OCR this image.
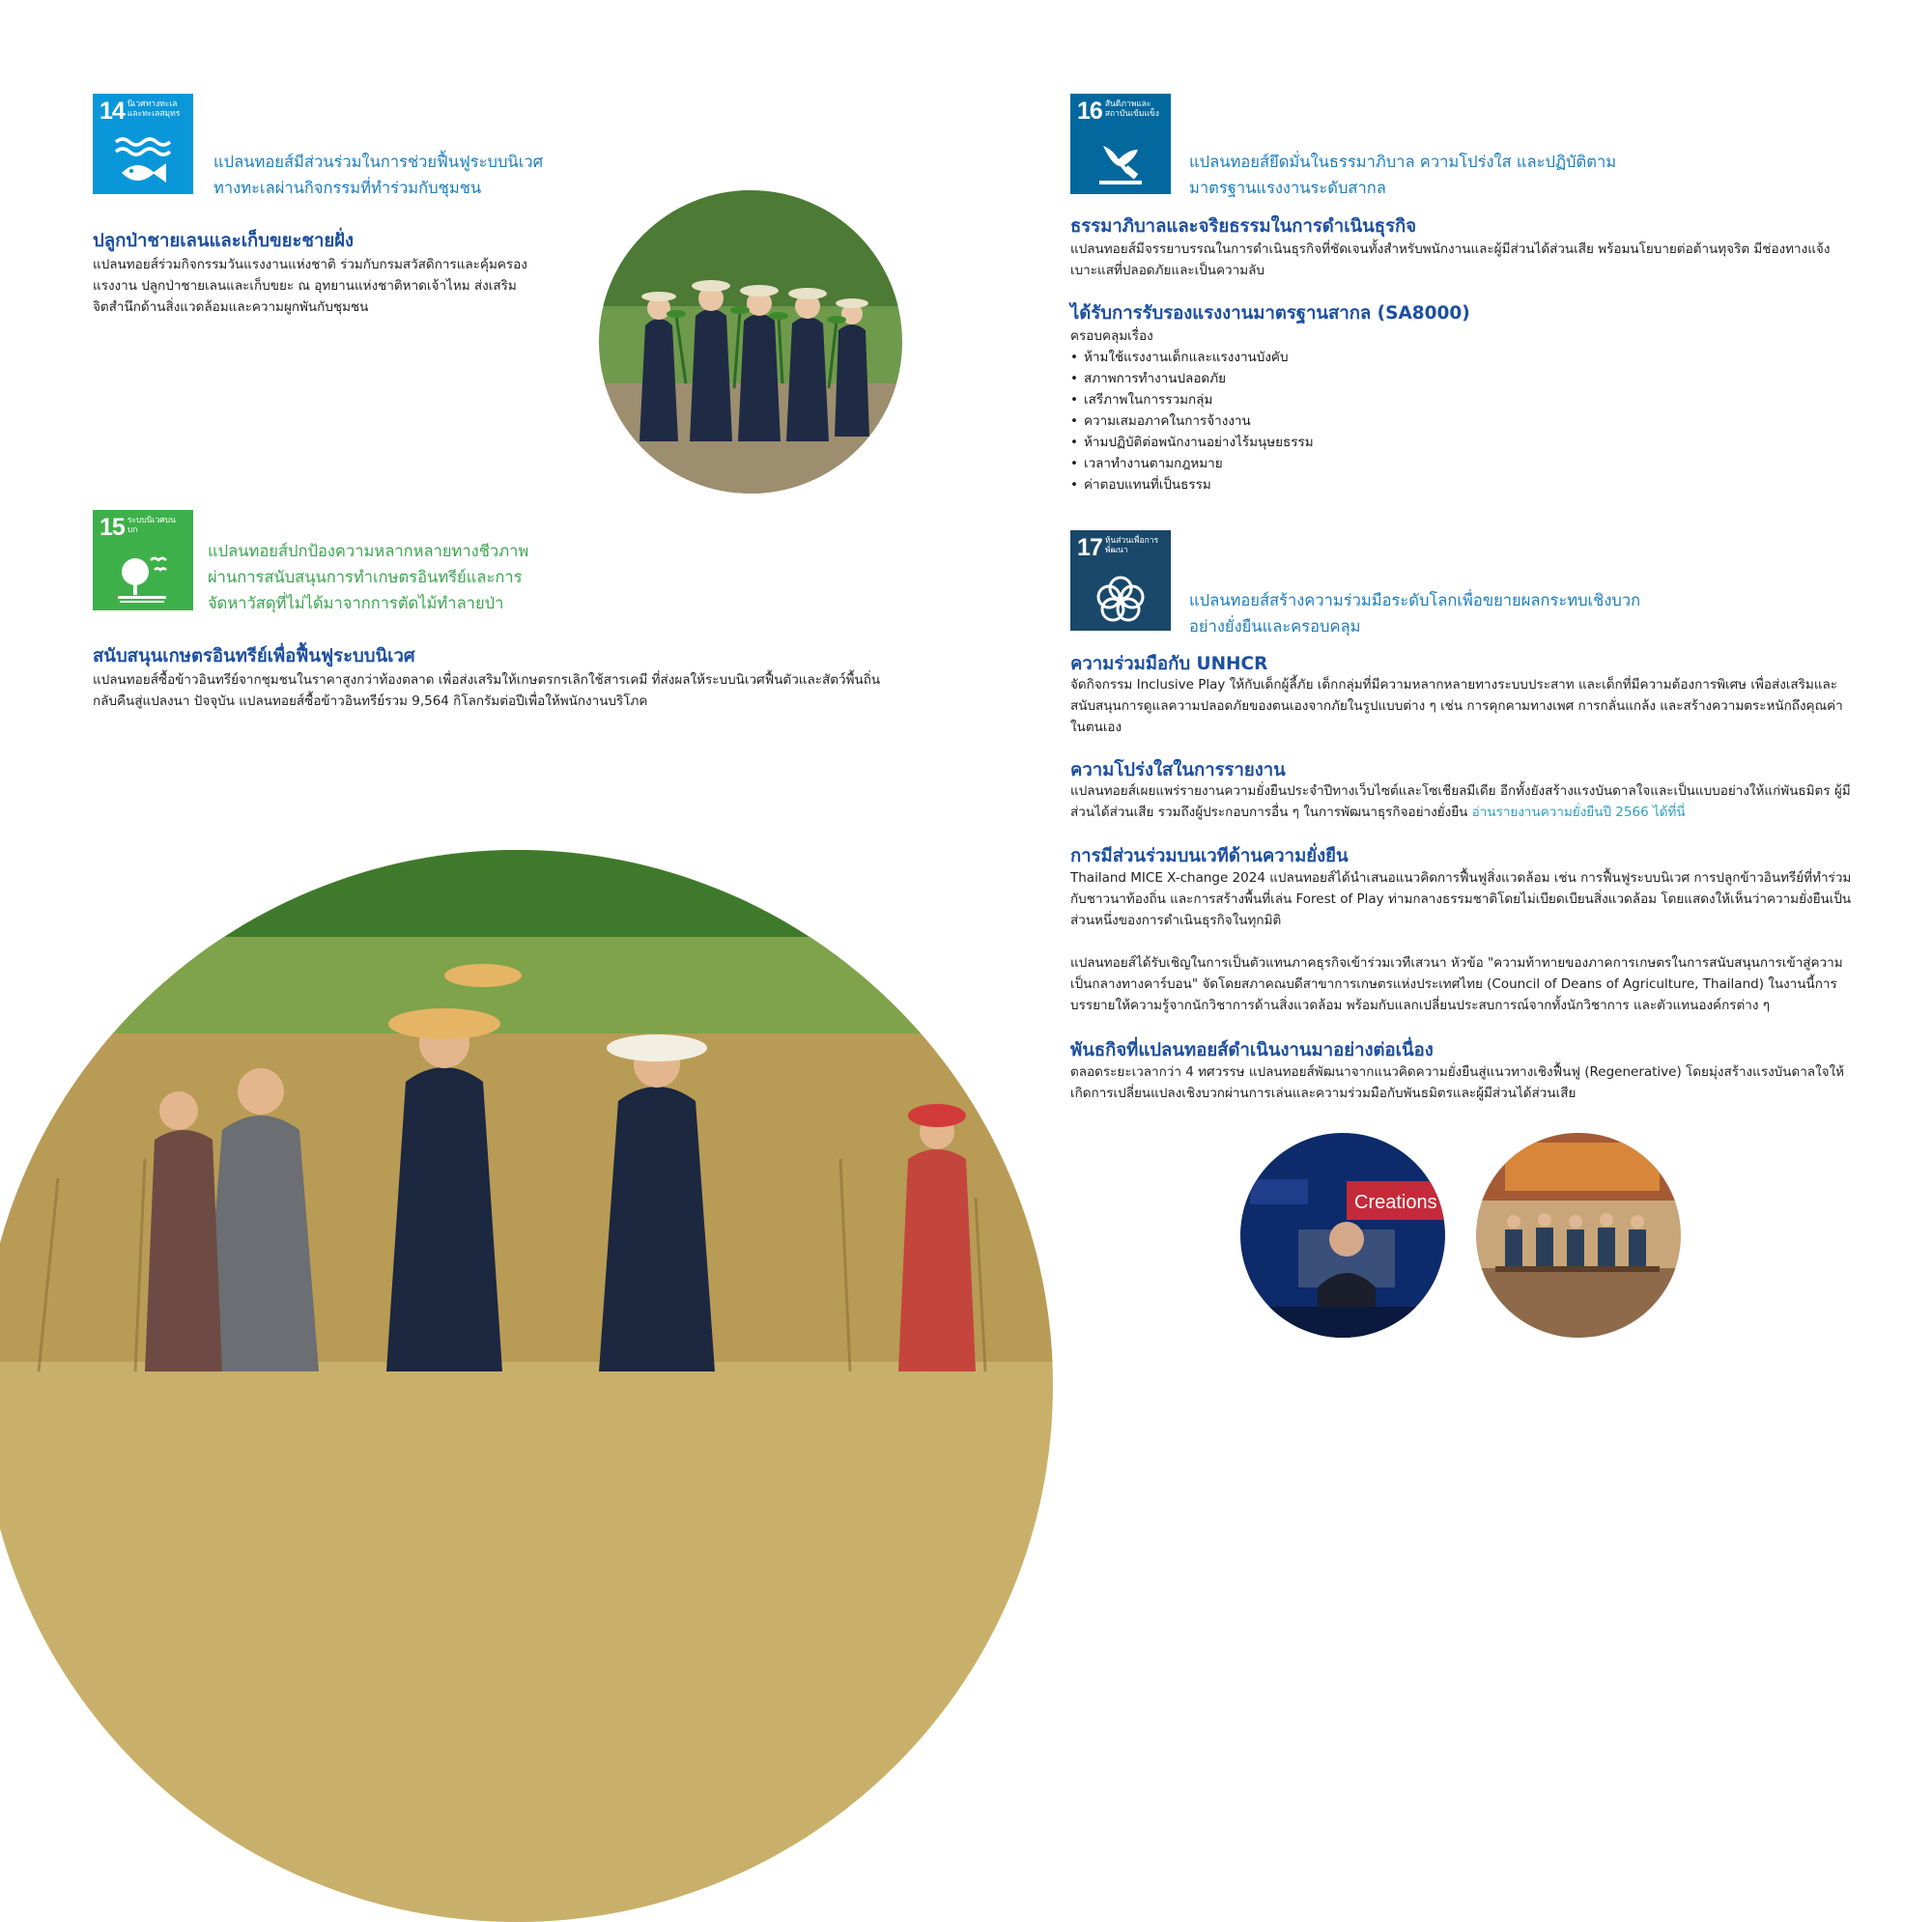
14 นิเวศทางทะเลและทะเลสมุทร
แปลนทอยส์มีส่วนร่วมในการช่วยฟื้นฟูระบบนิเวศ
ทางทะเลผ่านกิจกรรมที่ทำร่วมกับชุมชน
ปลูกป่าชายเลนและเก็บขยะชายฝั่ง
แปลนทอยส์ร่วมกิจกรรมวันแรงงานแห่งชาติ ร่วมกับกรมสวัสดิการและคุ้มครองแรงงาน ปลูกป่าชายเลนและเก็บขยะ ณ อุทยานแห่งชาติหาดเจ้าไหม ส่งเสริมจิตสำนึกด้านสิ่งแวดล้อมและความผูกพันกับชุมชน
15 ระบบนิเวศบนบก
แปลนทอยส์ปกป้องความหลากหลายทางชีวภาพ
ผ่านการสนับสนุนการทำเกษตรอินทรีย์และการ
จัดหาวัสดุที่ไม่ได้มาจากการตัดไม้ทำลายป่า
สนับสนุนเกษตรอินทรีย์เพื่อฟื้นฟูระบบนิเวศ
แปลนทอยส์ซื้อข้าวอินทรีย์จากชุมชนในราคาสูงกว่าท้องตลาด เพื่อส่งเสริมให้เกษตรกรเลิกใช้สารเคมี ที่ส่งผลให้ระบบนิเวศฟื้นตัวและสัตว์พื้นถิ่นกลับคืนสู่แปลงนา ปัจจุบัน แปลนทอยส์ซื้อข้าวอินทรีย์รวม 9,564 กิโลกรัมต่อปีเพื่อให้พนักงานบริโภค
16 สันติภาพและสถาบันเข้มแข็ง
แปลนทอยส์ยึดมั่นในธรรมาภิบาล ความโปร่งใส และปฏิบัติตาม
มาตรฐานแรงงานระดับสากล
ธรรมาภิบาลและจริยธรรมในการดำเนินธุรกิจ
แปลนทอยส์มีจรรยาบรรณในการดำเนินธุรกิจที่ชัดเจนทั้งสำหรับพนักงานและผู้มีส่วนได้ส่วนเสีย พร้อมนโยบายต่อต้านทุจริต มีช่องทางแจ้งเบาะแสที่ปลอดภัยและเป็นความลับ
ได้รับการรับรองแรงงานมาตรฐานสากล (SA8000)
ครอบคลุมเรื่อง
• ห้ามใช้แรงงานเด็กและแรงงานบังคับ
• สภาพการทำงานปลอดภัย
• เสรีภาพในการรวมกลุ่ม
• ความเสมอภาคในการจ้างงาน
• ห้ามปฏิบัติต่อพนักงานอย่างไร้มนุษยธรรม
• เวลาทำงานตามกฎหมาย
• ค่าตอบแทนที่เป็นธรรม
17 หุ้นส่วนเพื่อการพัฒนา
แปลนทอยส์สร้างความร่วมมือระดับโลกเพื่อขยายผลกระทบเชิงบวก
อย่างยั่งยืนและครอบคลุม
ความร่วมมือกับ UNHCR
จัดกิจกรรม Inclusive Play ให้กับเด็กผู้ลี้ภัย เด็กกลุ่มที่มีความหลากหลายทางระบบประสาท และเด็กที่มีความต้องการพิเศษ เพื่อส่งเสริมและสนับสนุนการดูแลความปลอดภัยของตนเองจากภัยในรูปแบบต่าง ๆ เช่น การคุกคามทางเพศ การกลั่นแกล้ง และสร้างความตระหนักถึงคุณค่าในตนเอง
ความโปร่งใสในการรายงาน
แปลนทอยส์เผยแพร่รายงานความยั่งยืนประจำปีทางเว็บไซต์และโซเชียลมีเดีย อีกทั้งยังสร้างแรงบันดาลใจและเป็นแบบอย่างให้แก่พันธมิตร ผู้มีส่วนได้ส่วนเสีย รวมถึงผู้ประกอบการอื่น ๆ ในการพัฒนาธุรกิจอย่างยั่งยืน อ่านรายงานความยั่งยืนปี 2566 ได้ที่นี่
การมีส่วนร่วมบนเวทีด้านความยั่งยืน
Thailand MICE X-change 2024 แปลนทอยส์ได้นำเสนอแนวคิดการฟื้นฟูสิ่งแวดล้อม เช่น การฟื้นฟูระบบนิเวศ การปลูกข้าวอินทรีย์ที่ทำร่วมกับชาวนาท้องถิ่น และการสร้างพื้นที่เล่น Forest of Play ท่ามกลางธรรมชาติโดยไม่เบียดเบียนสิ่งแวดล้อม โดยแสดงให้เห็นว่าความยั่งยืนเป็นส่วนหนึ่งของการดำเนินธุรกิจในทุกมิติ
แปลนทอยส์ได้รับเชิญในการเป็นตัวแทนภาคธุรกิจเข้าร่วมเวทีเสวนา หัวข้อ "ความท้าทายของภาคการเกษตรในการสนับสนุนการเข้าสู่ความเป็นกลางทางคาร์บอน" จัดโดยสภาคณบดีสาขาการเกษตรแห่งประเทศไทย (Council of Deans of Agriculture, Thailand) ในงานนี้การบรรยายให้ความรู้จากนักวิชาการด้านสิ่งแวดล้อม พร้อมกับแลกเปลี่ยนประสบการณ์จากทั้งนักวิชาการ และตัวแทนองค์กรต่าง ๆ
พันธกิจที่แปลนทอยส์ดำเนินงานมาอย่างต่อเนื่อง
ตลอดระยะเวลากว่า 4 ทศวรรษ แปลนทอยส์พัฒนาจากแนวคิดความยั่งยืนสู่แนวทางเชิงฟื้นฟู (Regenerative) โดยมุ่งสร้างแรงบันดาลใจให้เกิดการเปลี่ยนแปลงเชิงบวกผ่านการเล่นและความร่วมมือกับพันธมิตรและผู้มีส่วนได้ส่วนเสีย
Creations
